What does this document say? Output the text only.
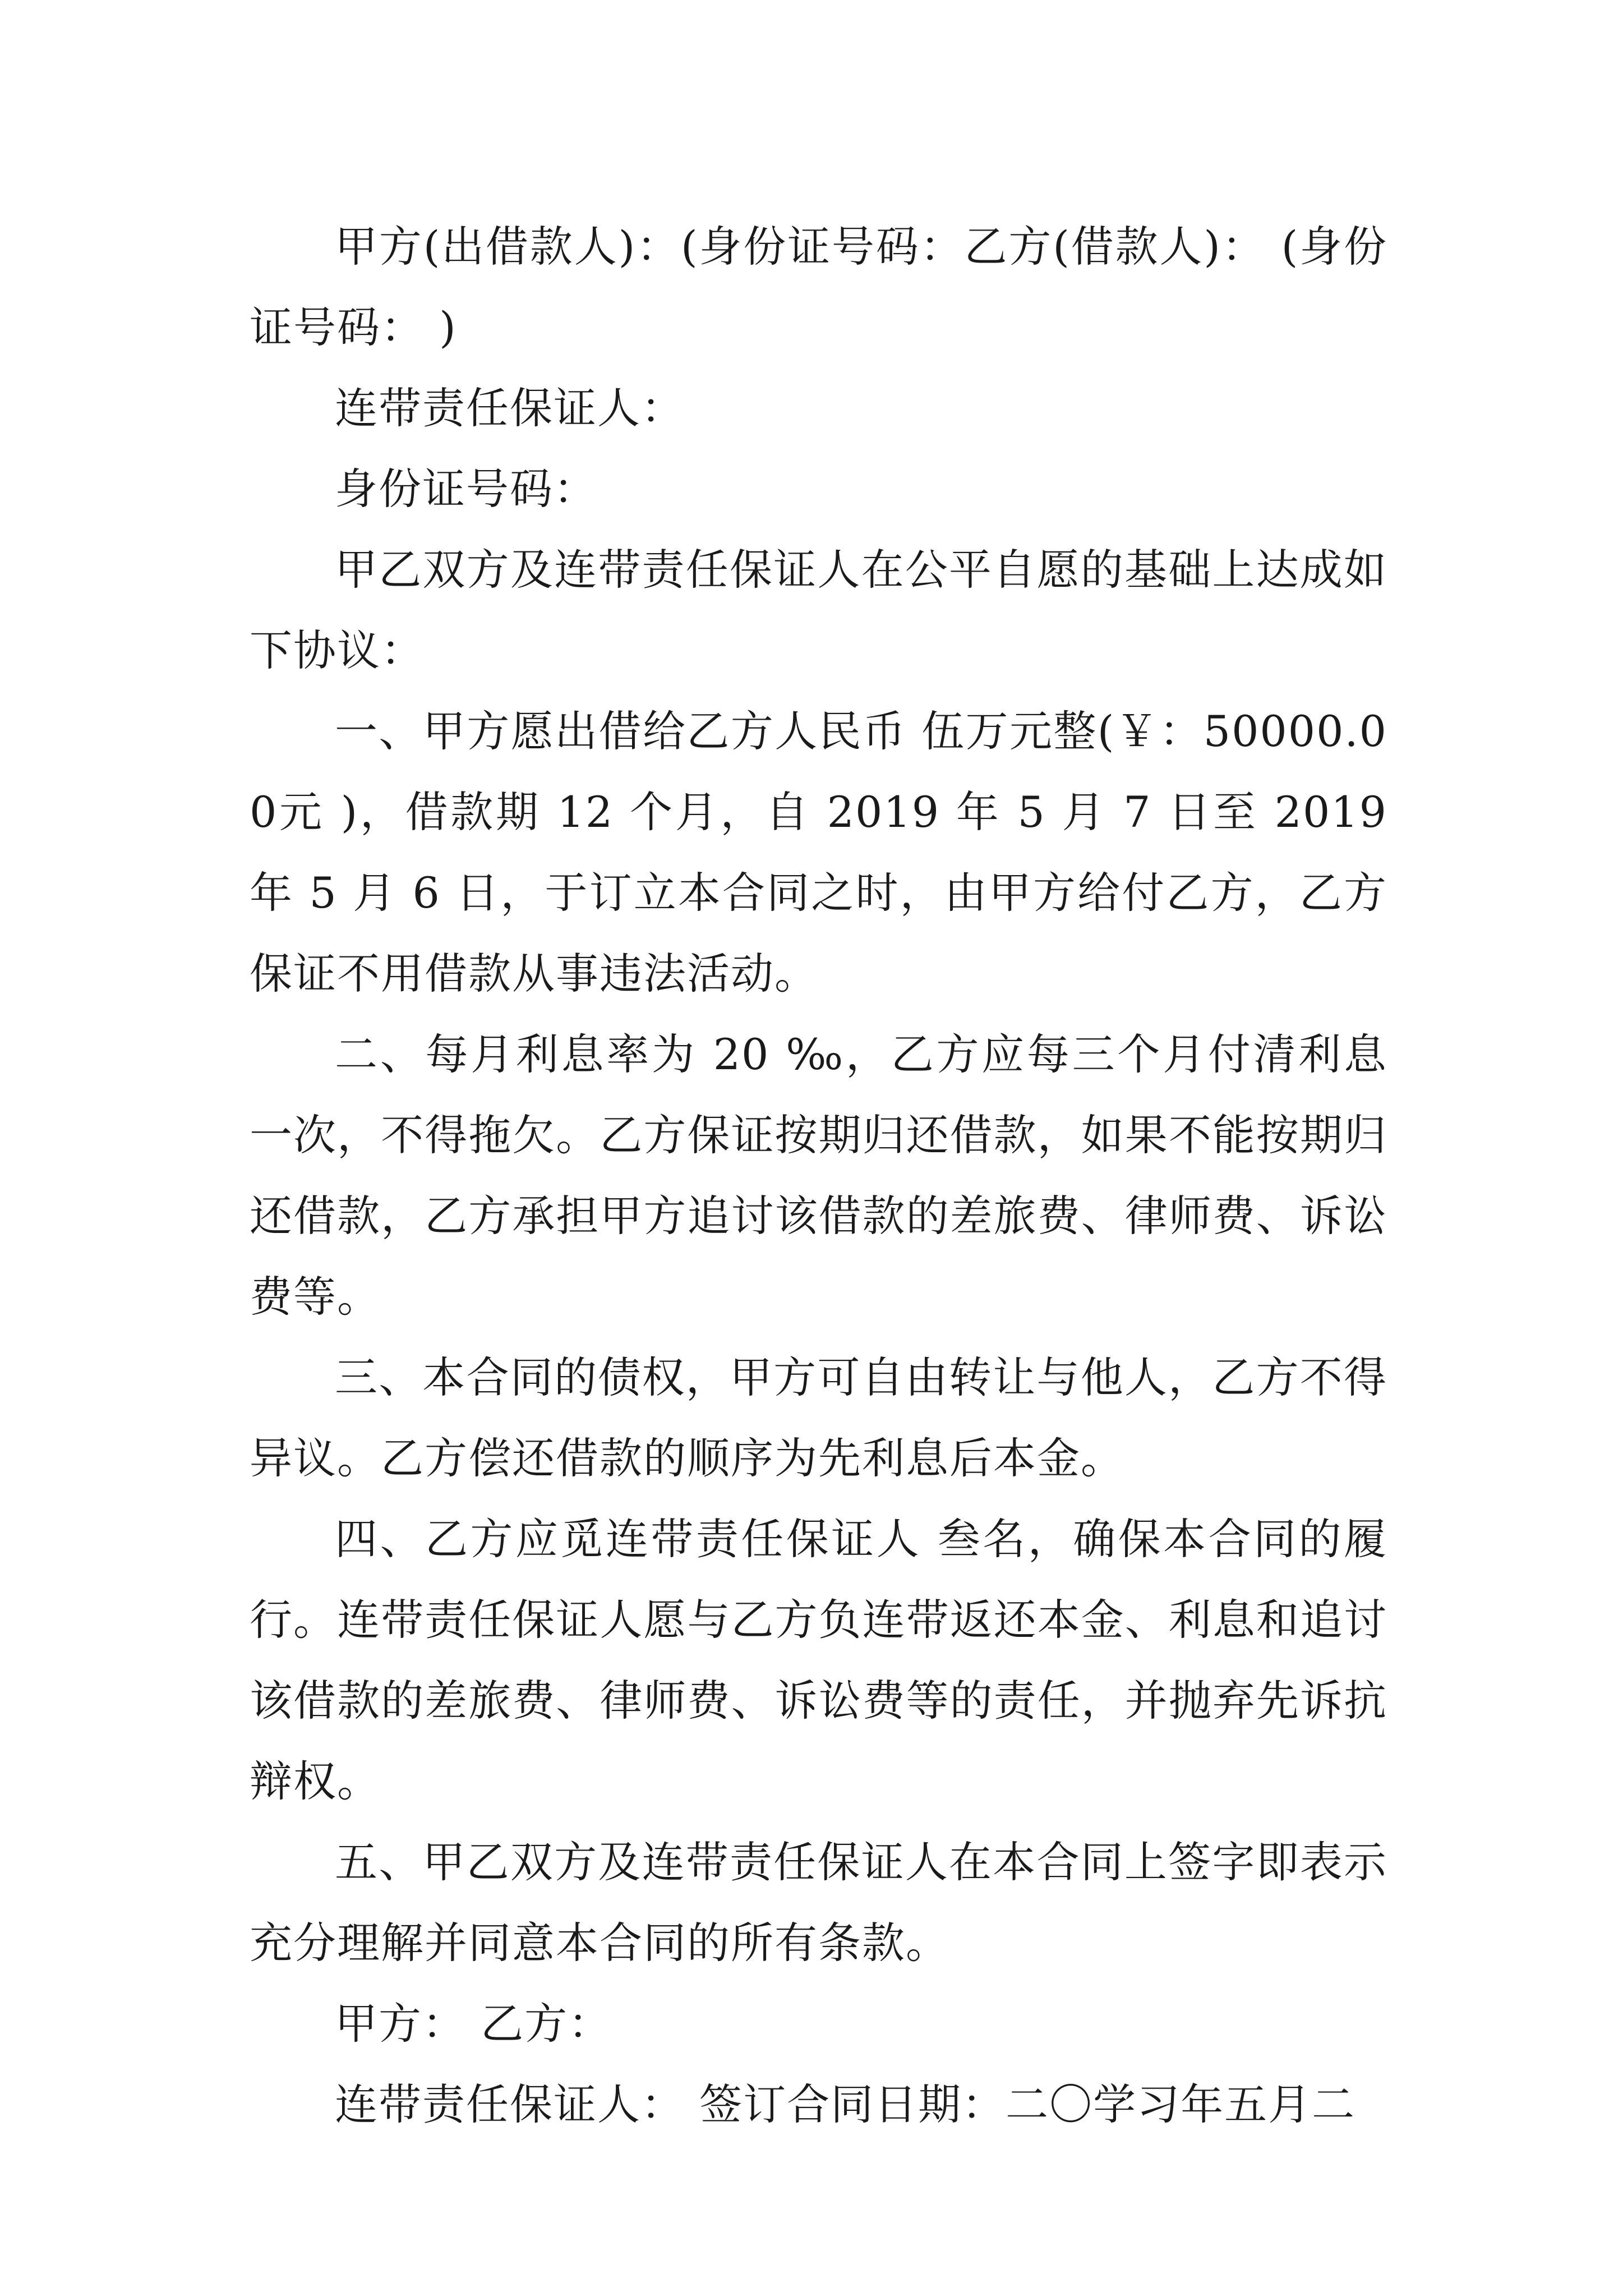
甲方(出借款人)：(身份证号码：乙方(借款人)： (身份证号码： )

连带责任保证人：

身份证号码：

甲乙双方及连带责任保证人在公平自愿的基础上达成如下协议：

一、甲方愿出借给乙方人民币 伍万元整(￥：50000.00元 )，借款期 12 个月，自 2019 年 5 月 7 日至 2019 年 5 月 6 日，于订立本合同之时，由甲方给付乙方，乙方保证不用借款从事违法活动。

二、每月利息率为 20 ‰，乙方应每三个月付清利息一次，不得拖欠。乙方保证按期归还借款，如果不能按期归还借款，乙方承担甲方追讨该借款的差旅费、律师费、诉讼费等。

三、本合同的债权，甲方可自由转让与他人，乙方不得异议。乙方偿还借款的顺序为先利息后本金。

四、乙方应觅连带责任保证人 叁名，确保本合同的履行。连带责任保证人愿与乙方负连带返还本金、利息和追讨该借款的差旅费、律师费、诉讼费等的责任，并抛弃先诉抗辩权。

五、甲乙双方及连带责任保证人在本合同上签字即表示充分理解并同意本合同的所有条款。

甲方： 乙方：

连带责任保证人： 签订合同日期：二〇学习年五月二
